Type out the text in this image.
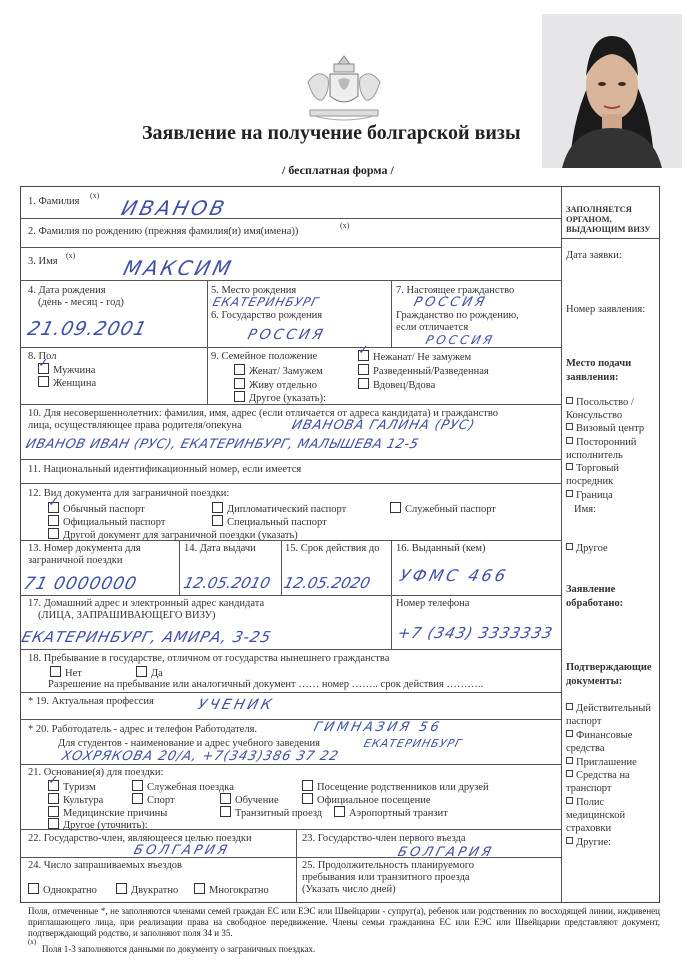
Заявление на получение болгарской визы
/ бесплатная форма /
1. Фамилия
(x)
ИВАНОВ
2. Фамилия по рождению (прежняя фамилия(и) имя(имена))
(x)
3. Имя
(x)
МАКСИМ
4. Дата рождения
(день - месяц - год)
21.09.2001
5. Место рождения
ЕКАТЕРИНБУРГ
6. Государство рождения
РОССИЯ
7. Настоящее гражданство
РОССИЯ
Гражданство по рождению, если отличается
РОССИЯ
8. Пол
✓Мужчина
Женщина
9. Семейное положение
✓	Нежанат/ Не замужем
Женат/ Замужем	Разведенный/Разведенная
Живу отдельно	Вдовец/Вдова
Другое (указать):
10. Для несовершеннолетних: фамилия, имя, адрес (если отличается от адреса кандидата) и гражданство
лица, осуществляющее права родителя/опекуна	ИВАНОВА ГАЛИНА (РУС)
ИВАНОВ ИВАН (РУС), ЕКАТЕРИНБУРГ, МАЛЫШЕВА 12-5
11. Национальный идентификационный номер, если имеется
12. Вид документа для заграничной поездки:
✓Обычный паспорт	Дипломатический паспорт	Служебный паспорт
Официальный паспорт	Специальный паспорт
Другой документ для заграничной поездки (указать)
13. Номер документа для заграничной поездки
71 0000000
14. Дата выдачи
12.05.2010
15. Срок действия до
12.05.2020
16. Выданный (кем)
УФМС 466
17. Домашний адрес и электронный адрес кандидата
(ЛИЦА, ЗАПРАШИВАЮЩЕГО ВИЗУ)
ЕКАТЕРИНБУРГ, АМИРА, 3-25
Номер телефона
+7 (343) 3333333
18. Пребывание в государстве, отличном от государства нынешнего гражданства
Нет	Да
Разрешение на пребывание или аналогичный документ …… номер …….. срок действия ………..
* 19. Актуальная профессия	УЧЕНИК
* 20. Работодатель - адрес и телефон Работодателя.
Для студентов - наименование и адрес учебного заведения
ГИМНАЗИЯ 56
ЕКАТЕРИНБУРГ
ХОХРЯКОВА 20/А, +7(343)386 37 22
21. Основание(я) для поездки:
✓Туризм	Служебная поездка	Посещение родственников или друзей
Культура	Спорт	Обучение	Официальное посещение
Медицинские причины	Транзитный проезд	Аэропортный транзит
Другое (уточнить):
22. Государство-член, являющееся целью поездки
БОЛГАРИЯ
23. Государство-член первого въезда
БОЛГАРИЯ
24. Число запрашиваемых въездов
Однократно	Двукратно	Многократно
25. Продолжительность планируемого
пребывания или транзитного проезда
(Указать число дней)
ЗАПОЛНЯЕТСЯ ОРГАНОМ, ВЫДАЮЩИМ ВИЗУ
Дата заявки:
Номер заявления:
Место подачи заявления:
Посольство / Консульство
Визовый центр
Посторонний исполнитель
Торговый посредник
Граница
Имя:
Другое
Заявление обработано:
Подтверждающие документы:
Действительный паспорт
Финансовые средства
Приглашение
Средства на транспорт
Полис медицинской страховки
Другие:
Поля, отмеченные *, не заполняются членами семей граждан ЕС или ЕЭС или Швейцарии - супруг(а), ребенок или родственник по восходящей линии, иждивенец приглашающего лица, при реализации права на свободное передвижение. Члены семьи гражданина ЕС или ЕЭС или Швейцарии представляют документ, подтверждающий родство, и заполняют поля 34 и 35.
(x)
Поля 1-3 заполняются данными по документу о заграничных поездках.
